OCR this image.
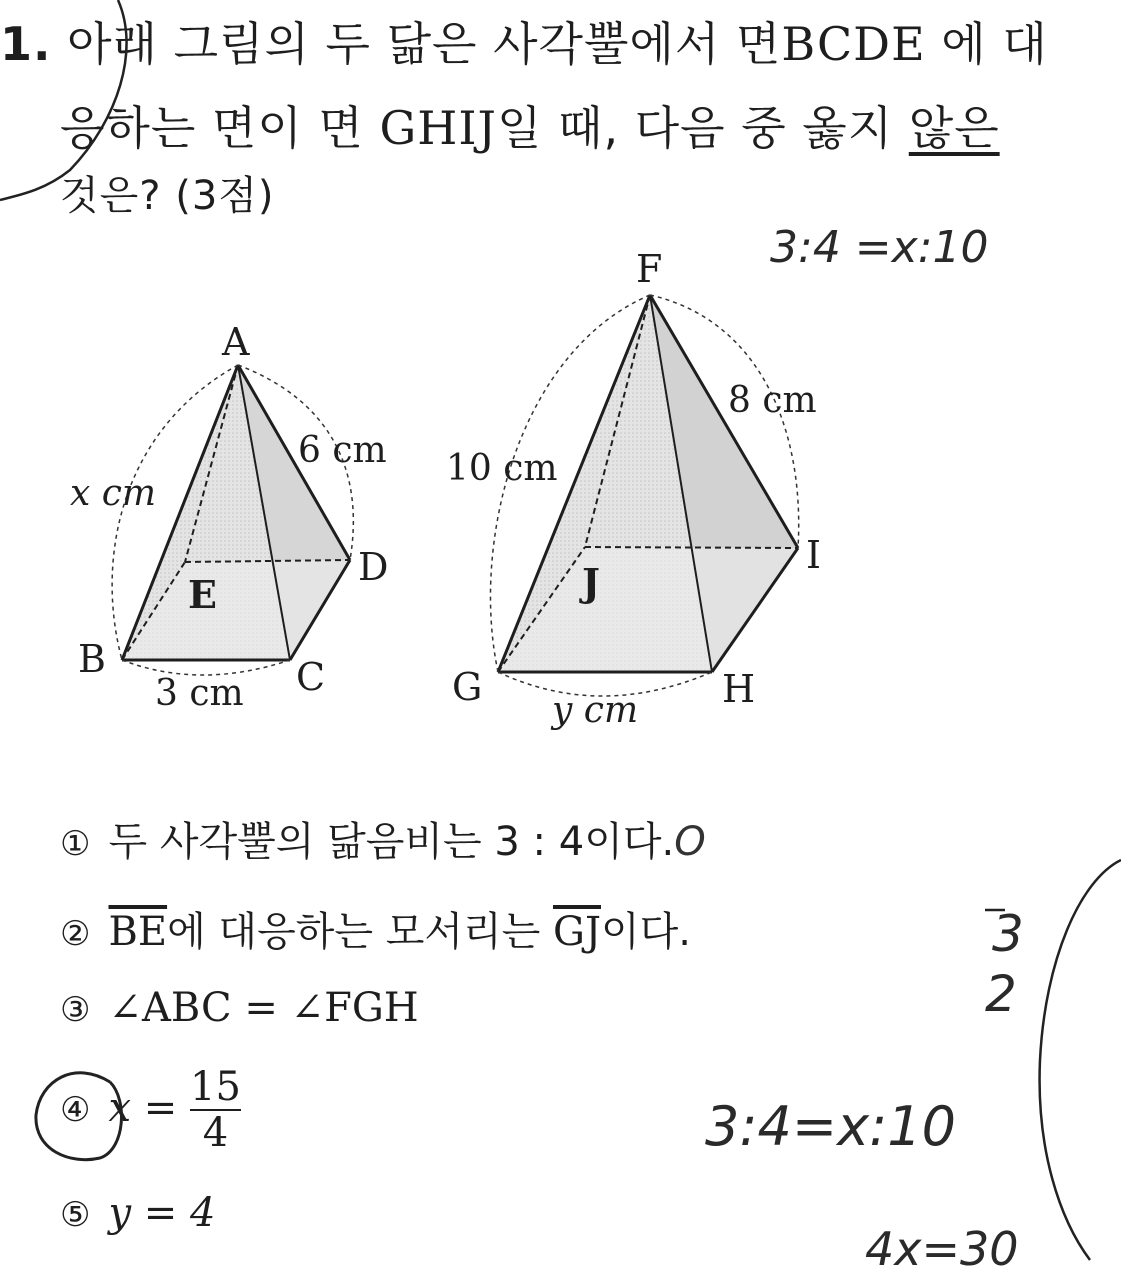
1. 아래 그림의 두 닮은 사각뿔에서 면BCDE 에 대
응하는 면이 면 GHIJ일 때, 다음 중 옳지 않은
것은? (3점)
A
B	C
D
E
x cm
6 cm
3 cm
F
G	H
I
J
10 cm
8 cm
y cm
① 두 사각뿔의 닮음비는 3 : 4이다.O
② $\overline{BE}$에 대응하는 모서리는 $\overline{GJ}$이다.
③ ∠ABC = ∠FGH
④ $x = \frac{15}{4}$
⑤ y = 4
3:4 =x:10
3:4=x:10
3
2
4x=30
